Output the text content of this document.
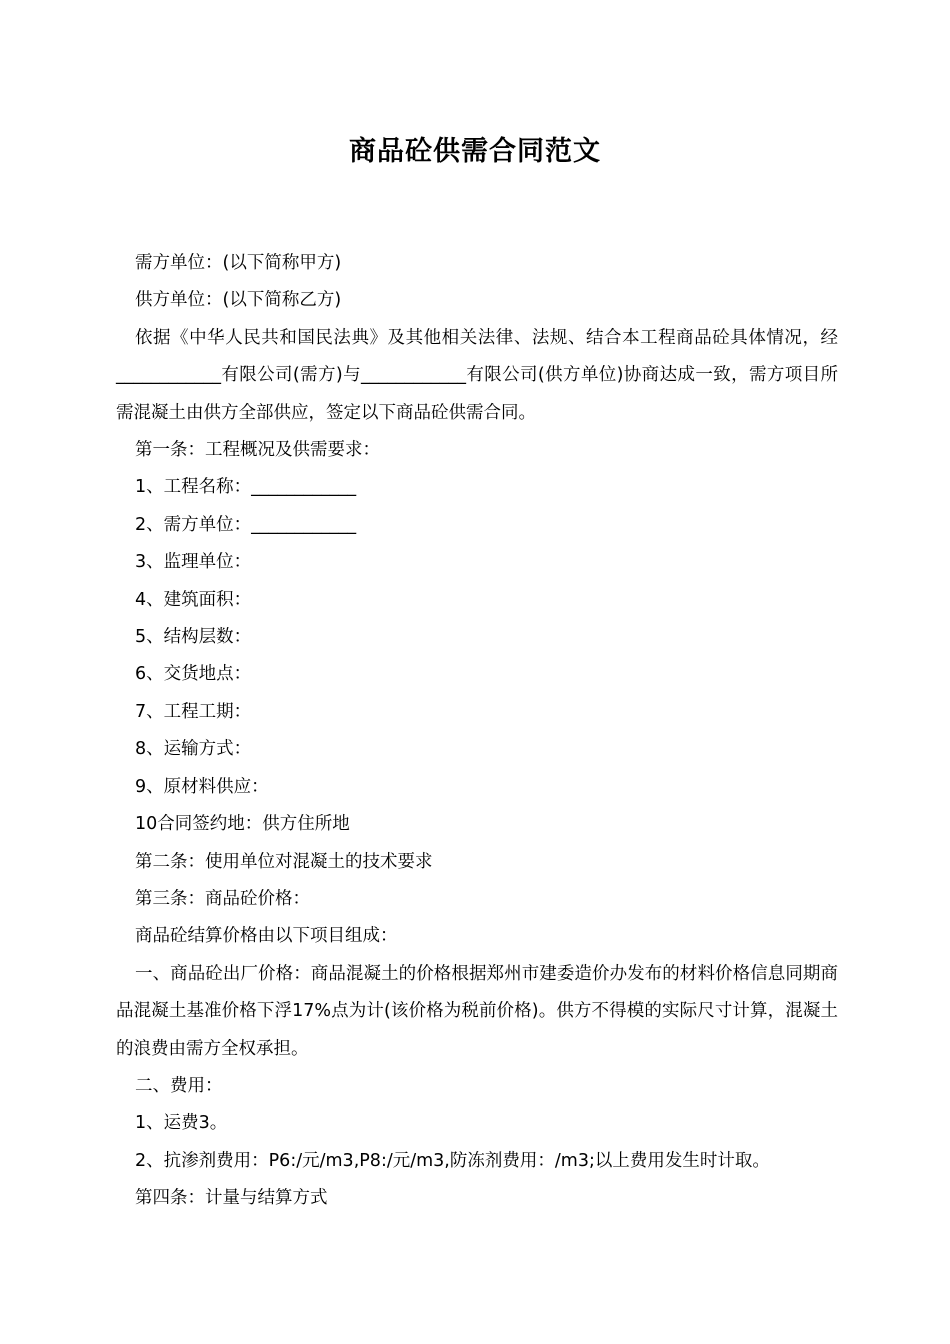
商品砼供需合同范文

需方单位：(以下简称甲方)

供方单位：(以下简称乙方)

依据《中华人民共和国民法典》及其他相关法律、法规、结合本工程商品砼具体情况，经____________有限公司(需方)与____________有限公司(供方单位)协商达成一致，需方项目所需混凝土由供方全部供应，签定以下商品砼供需合同。

第一条：工程概况及供需要求：

1、工程名称：____________

2、需方单位：____________

3、监理单位：

4、建筑面积：

5、结构层数：

6、交货地点：

7、工程工期：

8、运输方式：

9、原材料供应：

10合同签约地：供方住所地

第二条：使用单位对混凝土的技术要求

第三条：商品砼价格：

商品砼结算价格由以下项目组成：

一、商品砼出厂价格：商品混凝土的价格根据郑州市建委造价办发布的材料价格信息同期商品混凝土基准价格下浮17%点为计(该价格为税前价格)。供方不得模的实际尺寸计算，混凝土的浪费由需方全权承担。

二、费用：

1、运费3。

2、抗渗剂费用：P6:/元/m3,P8:/元/m3,防冻剂费用：/m3;以上费用发生时计取。

第四条：计量与结算方式
